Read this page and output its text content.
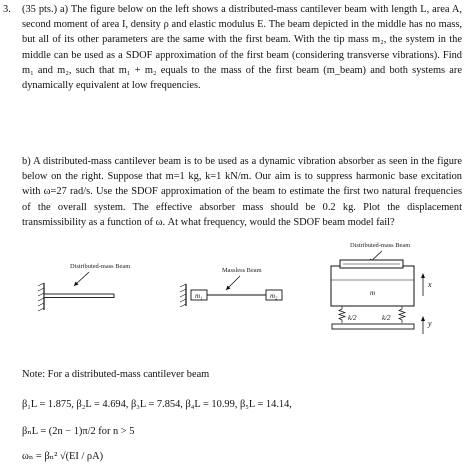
3. (35 pts.) a) The figure below on the left shows a distributed-mass cantilever beam with length L, area A, second moment of area I, density ρ and elastic modulus E. The beam depicted in the middle has no mass, but all of its other parameters are the same with the first beam. With the tip mass m₂, the system in the middle can be used as a SDOF approximation of the first beam (considering transverse vibrations). Find m₁ and m₂, such that m₁ + m₂ equals to the mass of the first beam (m_beam) and both systems are dynamically equivalent at low frequencies.

b) A distributed-mass cantilever beam is to be used as a dynamic vibration absorber as seen in the figure below on the right. Suppose that m=1 kg, k=1 kN/m. Our aim is to suppress harmonic base excitation with ω=27 rad/s. Use the SDOF approximation of the beam to estimate the first two natural frequencies of the overall system. The effective absorber mass should be 0.2 kg. Plot the displacement transmissibility as a function of ω. At what frequency, would the SDOF beam model fail?

Distributed-mass Beam
Massless Beam
m₁	m₂
Distributed-mass Beam
m
k/2	k/2
x
y

Note: For a distributed-mass cantilever beam

β₁L = 1.875, β₂L = 4.694, β₃L = 7.854, β₄L = 10.99, β₅L = 14.14,

βₙL = (2n − 1)π/2 for n > 5

ωₙ = βₙ² √(EI / ρA)
